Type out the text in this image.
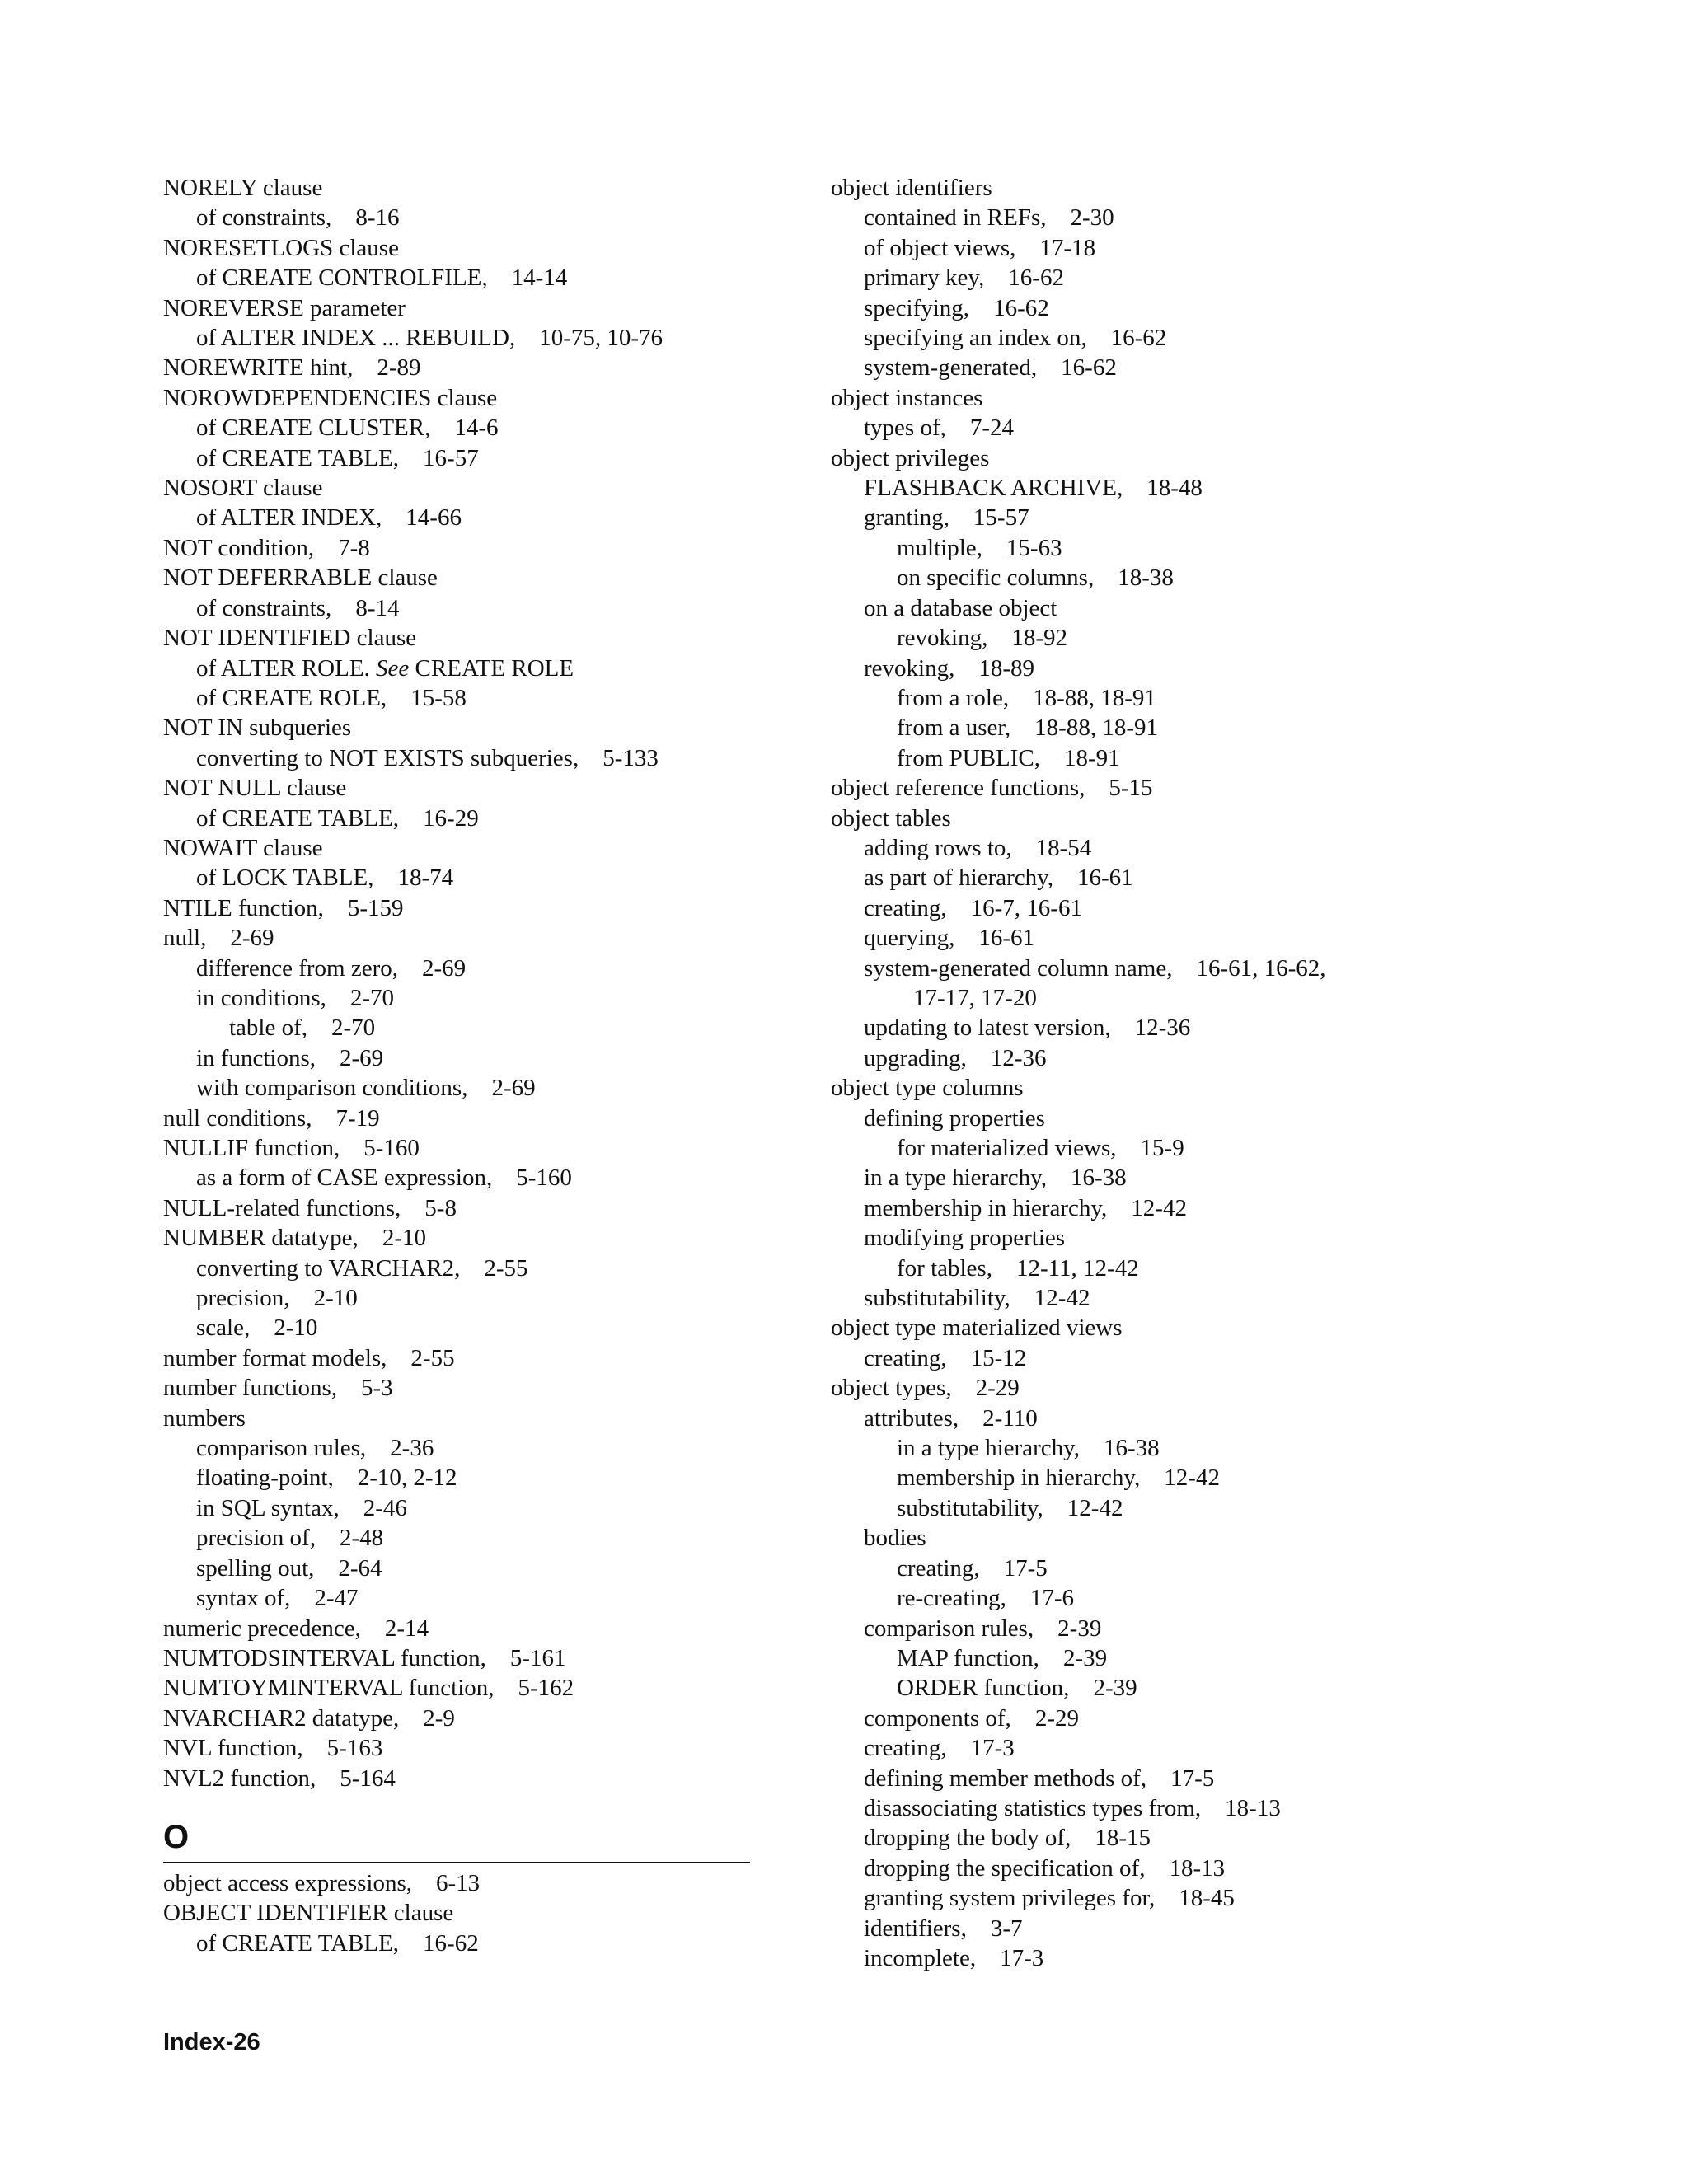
NORELY clause
of constraints, 8-16
NORESETLOGS clause
of CREATE CONTROLFILE, 14-14
NOREVERSE parameter
of ALTER INDEX ... REBUILD, 10-75, 10-76
NOREWRITE hint, 2-89
NOROWDEPENDENCIES clause
of CREATE CLUSTER, 14-6
of CREATE TABLE, 16-57
NOSORT clause
of ALTER INDEX, 14-66
NOT condition, 7-8
NOT DEFERRABLE clause
of constraints, 8-14
NOT IDENTIFIED clause
of ALTER ROLE. See CREATE ROLE
of CREATE ROLE, 15-58
NOT IN subqueries
converting to NOT EXISTS subqueries, 5-133
NOT NULL clause
of CREATE TABLE, 16-29
NOWAIT clause
of LOCK TABLE, 18-74
NTILE function, 5-159
null, 2-69
difference from zero, 2-69
in conditions, 2-70
table of, 2-70
in functions, 2-69
with comparison conditions, 2-69
null conditions, 7-19
NULLIF function, 5-160
as a form of CASE expression, 5-160
NULL-related functions, 5-8
NUMBER datatype, 2-10
converting to VARCHAR2, 2-55
precision, 2-10
scale, 2-10
number format models, 2-55
number functions, 5-3
numbers
comparison rules, 2-36
floating-point, 2-10, 2-12
in SQL syntax, 2-46
precision of, 2-48
spelling out, 2-64
syntax of, 2-47
numeric precedence, 2-14
NUMTODSINTERVAL function, 5-161
NUMTOYMINTERVAL function, 5-162
NVARCHAR2 datatype, 2-9
NVL function, 5-163
NVL2 function, 5-164
O
object access expressions, 6-13
OBJECT IDENTIFIER clause
of CREATE TABLE, 16-62
object identifiers
contained in REFs, 2-30
of object views, 17-18
primary key, 16-62
specifying, 16-62
specifying an index on, 16-62
system-generated, 16-62
object instances
types of, 7-24
object privileges
FLASHBACK ARCHIVE, 18-48
granting, 15-57
multiple, 15-63
on specific columns, 18-38
on a database object
revoking, 18-92
revoking, 18-89
from a role, 18-88, 18-91
from a user, 18-88, 18-91
from PUBLIC, 18-91
object reference functions, 5-15
object tables
adding rows to, 18-54
as part of hierarchy, 16-61
creating, 16-7, 16-61
querying, 16-61
system-generated column name, 16-61, 16-62,
17-17, 17-20
updating to latest version, 12-36
upgrading, 12-36
object type columns
defining properties
for materialized views, 15-9
in a type hierarchy, 16-38
membership in hierarchy, 12-42
modifying properties
for tables, 12-11, 12-42
substitutability, 12-42
object type materialized views
creating, 15-12
object types, 2-29
attributes, 2-110
in a type hierarchy, 16-38
membership in hierarchy, 12-42
substitutability, 12-42
bodies
creating, 17-5
re-creating, 17-6
comparison rules, 2-39
MAP function, 2-39
ORDER function, 2-39
components of, 2-29
creating, 17-3
defining member methods of, 17-5
disassociating statistics types from, 18-13
dropping the body of, 18-15
dropping the specification of, 18-13
granting system privileges for, 18-45
identifiers, 3-7
incomplete, 17-3
Index-26
